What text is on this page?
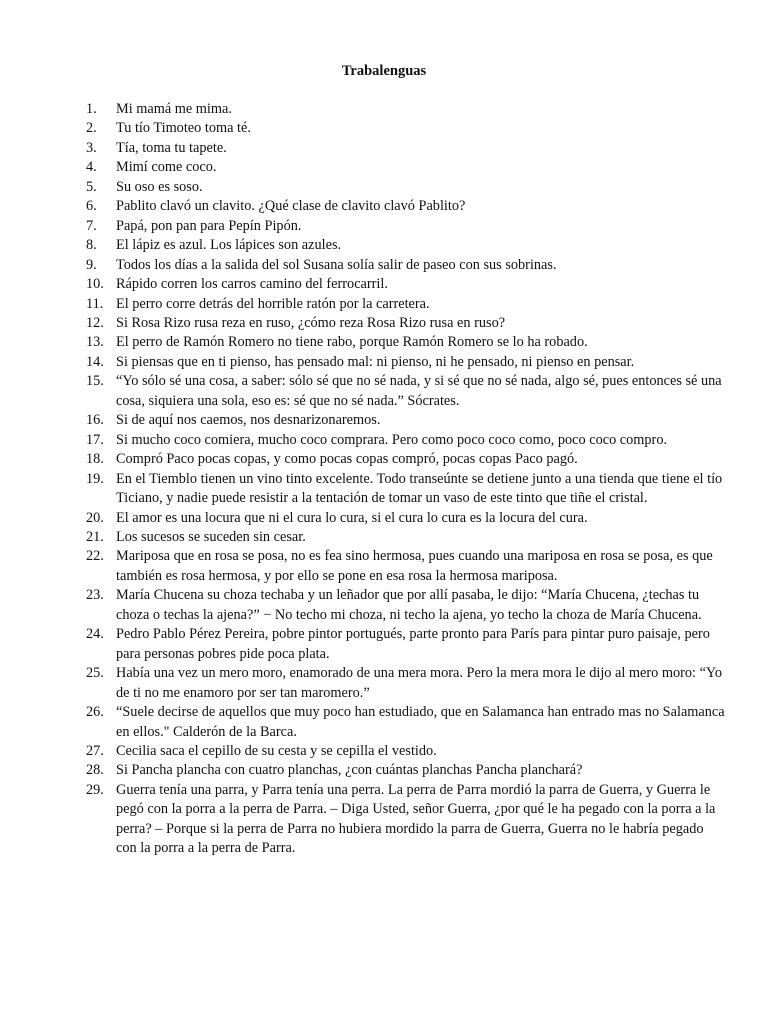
Trabalenguas
1.	Mi mamá me mima.
2.	Tu tío Timoteo toma té.
3.	Tía, toma tu tapete.
4.	Mimí come coco.
5.	Su oso es soso.
6.	Pablito clavó un clavito. ¿Qué clase de clavito clavó Pablito?
7.	Papá, pon pan para Pepín Pipón.
8.	El lápiz es azul. Los lápices son azules.
9.	Todos los días a la salida del sol Susana solía salir de paseo con sus sobrinas.
10. Rápido corren los carros camino del ferrocarril.
11. El perro corre detrás del horrible ratón por la carretera.
12. Si Rosa Rizo rusa reza en ruso, ¿cómo reza Rosa Rizo rusa en ruso?
13. El perro de Ramón Romero no tiene rabo, porque Ramón Romero se lo ha robado.
14. Si piensas que en ti pienso, has pensado mal: ni pienso, ni he pensado, ni pienso en pensar.
15. “Yo sólo sé una cosa, a saber: sólo sé que no sé nada, y si sé que no sé nada, algo sé, pues entonces sé una cosa, siquiera una sola, eso es: sé que no sé nada.” Sócrates.
16. Si de aquí nos caemos, nos desnarizonaremos.
17. Si mucho coco comiera, mucho coco comprara. Pero como poco coco como, poco coco compro.
18. Compró Paco pocas copas, y como pocas copas compró, pocas copas Paco pagó.
19. En el Tiemblo tienen un vino tinto excelente. Todo transeúnte se detiene junto a una tienda que tiene el tío Ticiano, y nadie puede resistir a la tentación de tomar un vaso de este tinto que tiñe el cristal.
20. El amor es una locura que ni el cura lo cura, si el cura lo cura es la locura del cura.
21. Los sucesos se suceden sin cesar.
22. Mariposa que en rosa se posa, no es fea sino hermosa, pues cuando una mariposa en rosa se posa, es que también es rosa hermosa, y por ello se pone en esa rosa la hermosa mariposa.
23. María Chucena su choza techaba y un leñador que por allí pasaba, le dijo: “María Chucena, ¿techas tu choza o techas la ajena?” − No techo mi choza, ni techo la ajena, yo techo la choza de María Chucena.
24. Pedro Pablo Pérez Pereira, pobre pintor portugués, parte pronto para París para pintar puro paisaje, pero para personas pobres pide poca plata.
25. Había una vez un mero moro, enamorado de una mera mora. Pero la mera mora le dijo al mero moro: “Yo de ti no me enamoro por ser tan maromero.”
26. “Suele decirse de aquellos que muy poco han estudiado, que en Salamanca han entrado mas no Salamanca en ellos." Calderón de la Barca.
27. Cecilia saca el cepillo de su cesta y se cepilla el vestido.
28. Si Pancha plancha con cuatro planchas, ¿con cuántas planchas Pancha planchará?
29. Guerra tenía una parra, y Parra tenía una perra. La perra de Parra mordió la parra de Guerra, y Guerra le pegó con la porra a la perra de Parra. – Diga Usted, señor Guerra, ¿por qué le ha pegado con la porra a la perra? – Porque si la perra de Parra no hubiera mordido la parra de Guerra, Guerra no le habría pegado con la porra a la perra de Parra.
